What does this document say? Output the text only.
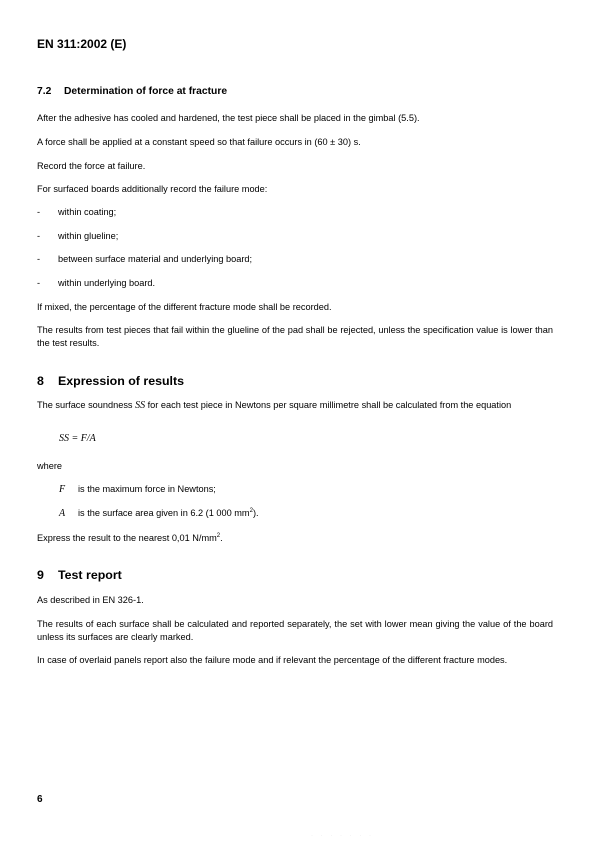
EN 311:2002 (E)
7.2 Determination of force at fracture
After the adhesive has cooled and hardened, the test piece shall be placed in the gimbal (5.5).
A force shall be applied at a constant speed so that failure occurs in (60 ± 30) s.
Record the force at failure.
For surfaced boards additionally record the failure mode:
- within coating;
- within glueline;
- between surface material and underlying board;
- within underlying board.
If mixed, the percentage of the different fracture mode shall be recorded.
The results from test pieces that fail within the glueline of the pad shall be rejected, unless the specification value is lower than the test results.
8 Expression of results
The surface soundness SS for each test piece in Newtons per square millimetre shall be calculated from the equation
SS = F/A
where
F is the maximum force in Newtons;
A is the surface area given in 6.2 (1 000 $mm^2$).
Express the result to the nearest 0,01 $N/mm^2$.
9 Test report
As described in EN 326-1.
The results of each surface shall be calculated and reported separately, the set with lower mean giving the value of the board unless its surfaces are clearly marked.
In case of overlaid panels report also the failure mode and if relevant the percentage of the different fracture modes.
6
· · · · · · ·
